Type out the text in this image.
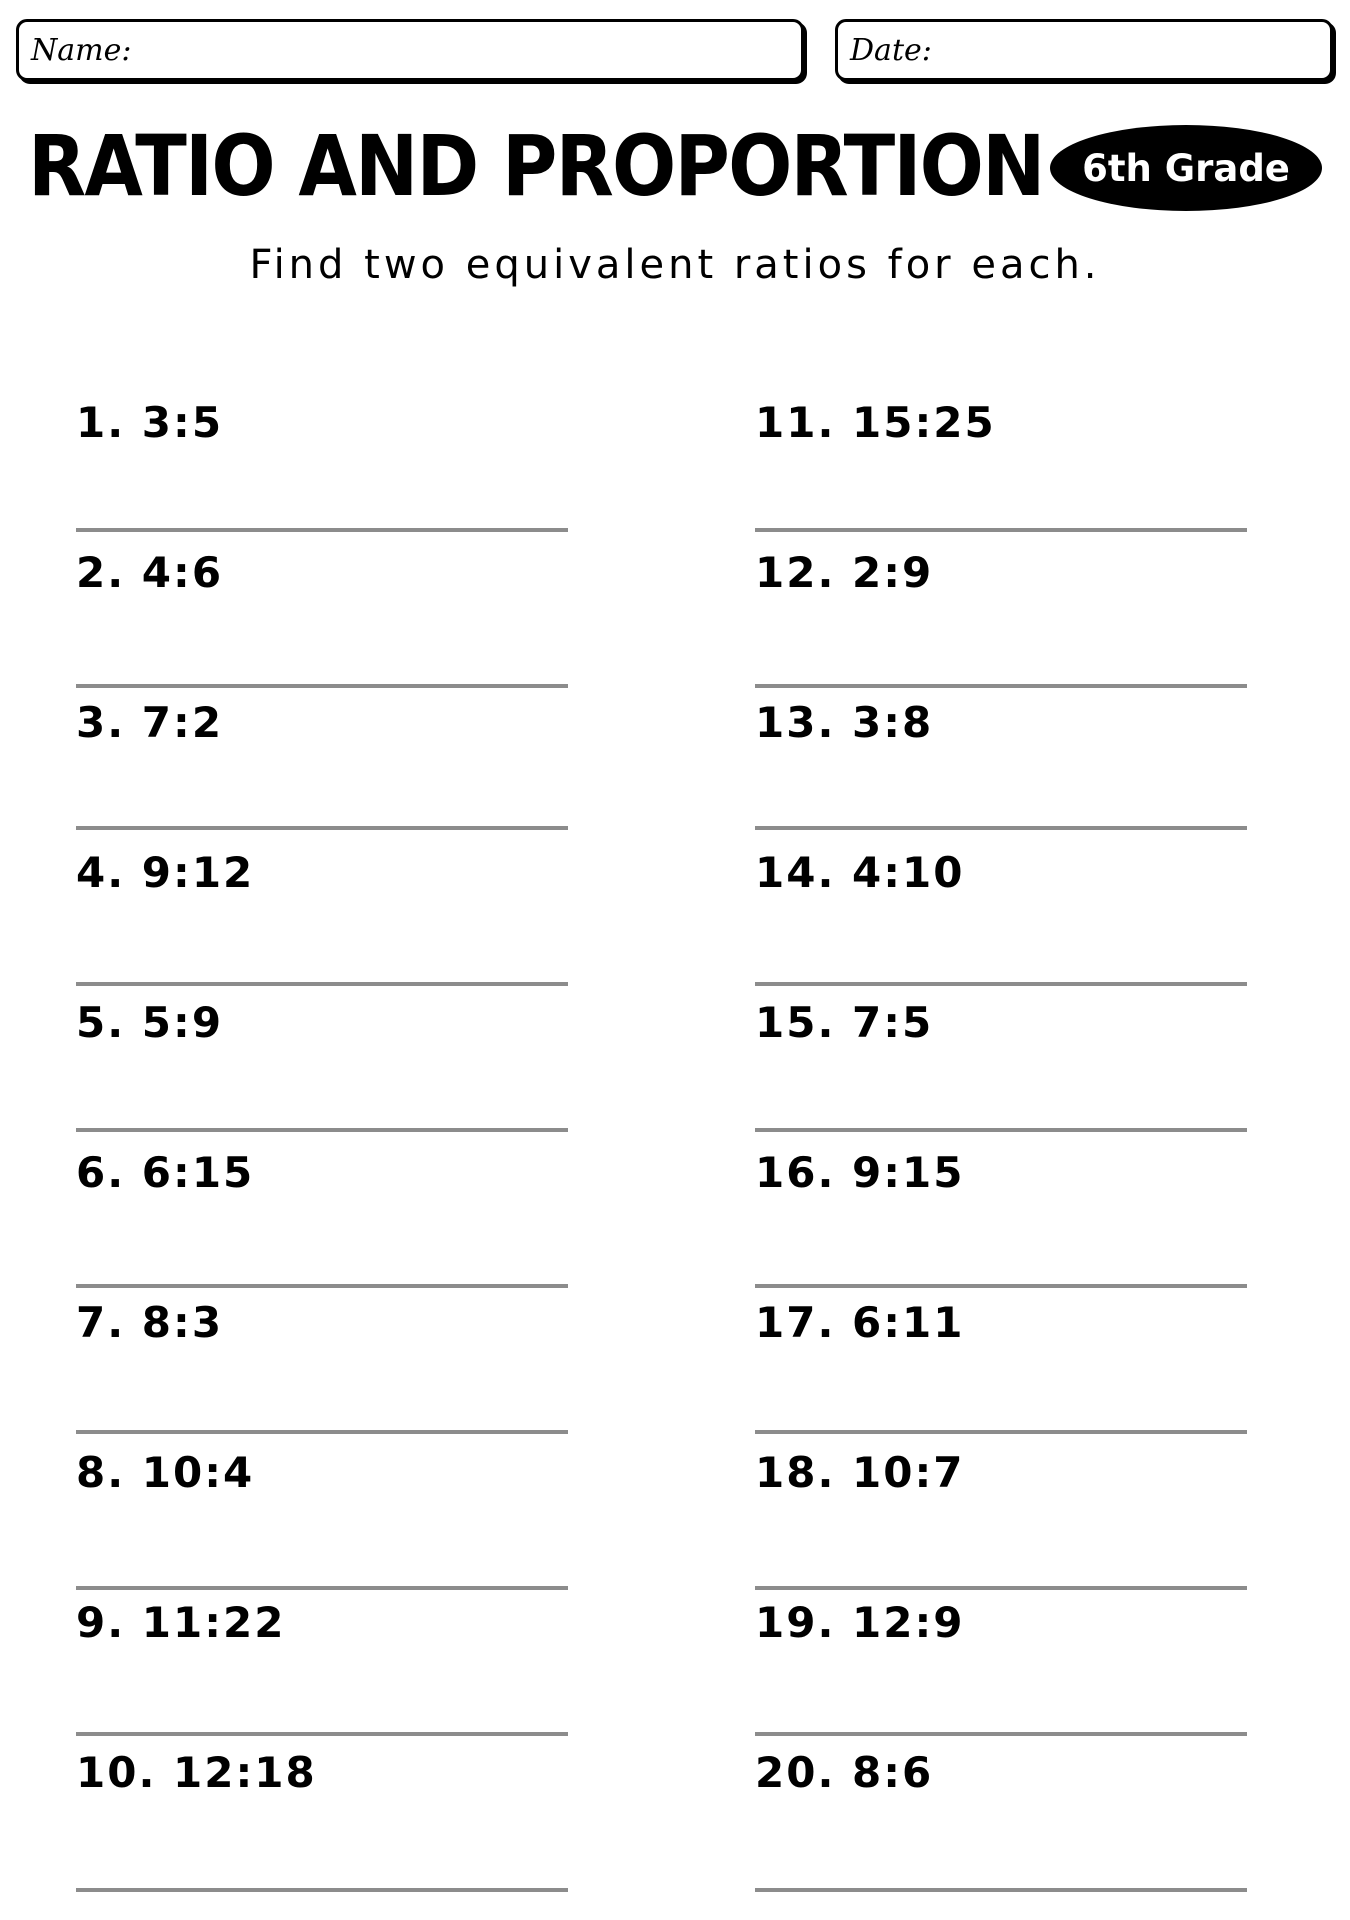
Name:	Date:
RATIO AND PROPORTION	6th Grade
Find two equivalent ratios for each.
1. 3:5
2. 4:6
3. 7:2
4. 9:12
5. 5:9
6. 6:15
7. 8:3
8. 10:4
9. 11:22
10. 12:18
11. 15:25
12. 2:9
13. 3:8
14. 4:10
15. 7:5
16. 9:15
17. 6:11
18. 10:7
19. 12:9
20. 8:6
